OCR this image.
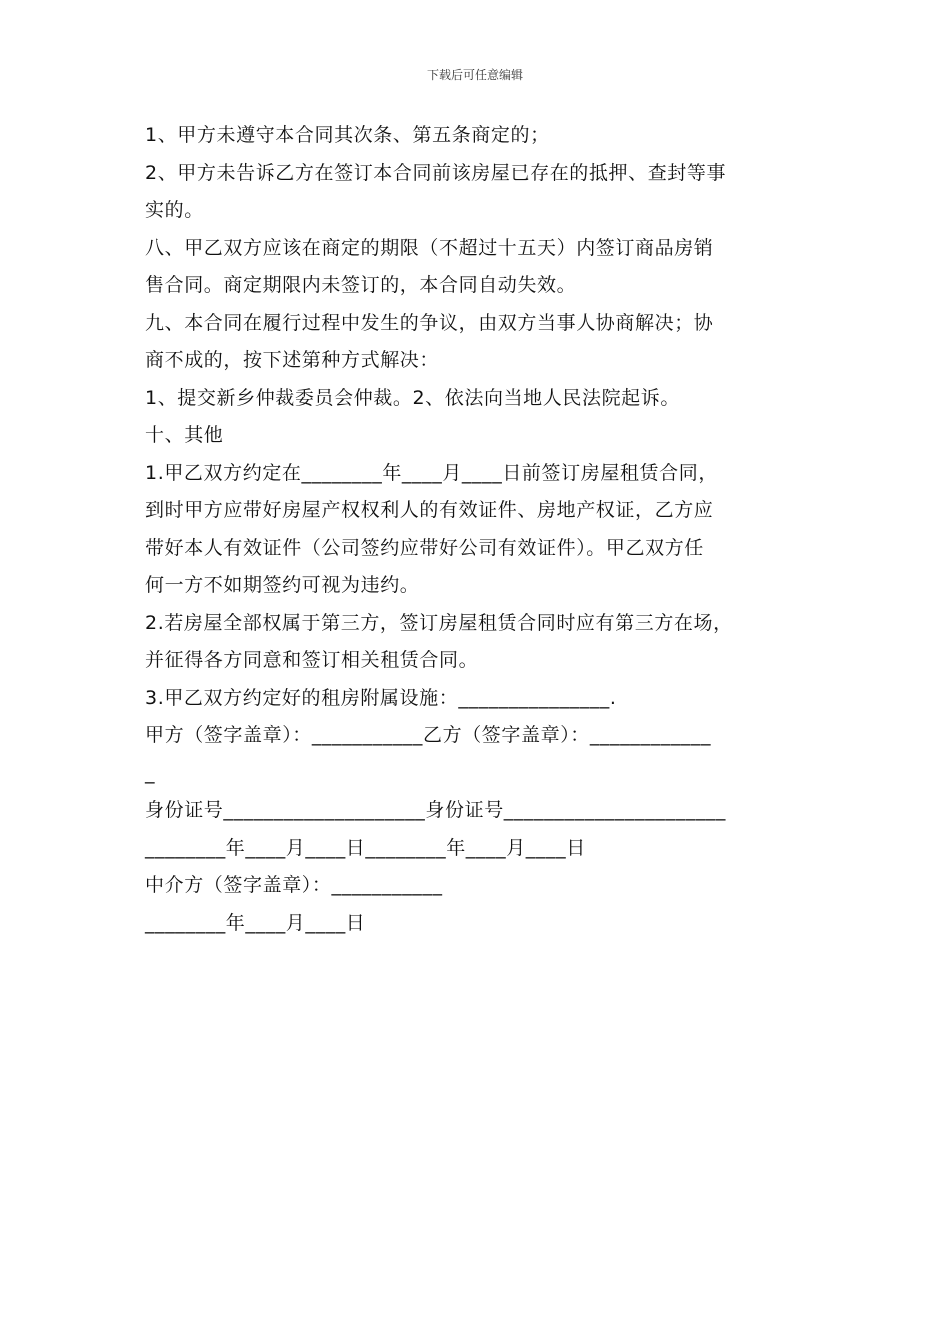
下载后可任意编辑
1、甲方未遵守本合同其次条、第五条商定的；
2、甲方未告诉乙方在签订本合同前该房屋已存在的抵押、查封等事
实的。
八、甲乙双方应该在商定的期限（不超过十五天）内签订商品房销
售合同。商定期限内未签订的，本合同自动失效。
九、本合同在履行过程中发生的争议，由双方当事人协商解决；协
商不成的，按下述第种方式解决：
1、提交新乡仲裁委员会仲裁。2、依法向当地人民法院起诉。
十、其他
1.甲乙双方约定在________年____月____日前签订房屋租赁合同，
到时甲方应带好房屋产权权利人的有效证件、房地产权证，乙方应
带好本人有效证件（公司签约应带好公司有效证件）。甲乙双方任
何一方不如期签约可视为违约。
2.若房屋全部权属于第三方，签订房屋租赁合同时应有第三方在场，
并征得各方同意和签订相关租赁合同。
3.甲乙双方约定好的租房附属设施：_______________.
甲方（签字盖章）：___________乙方（签字盖章）：____________
_
身份证号____________________身份证号______________________
________年____月____日________年____月____日
中介方（签字盖章）：___________
________年____月____日
